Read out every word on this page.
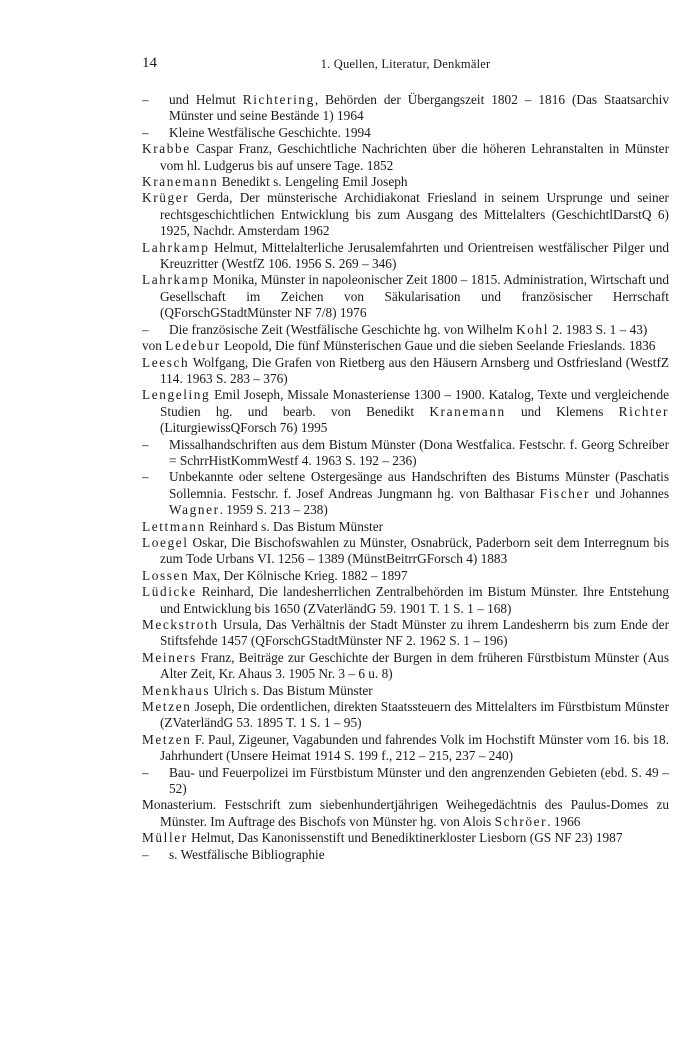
14	1. Quellen, Literatur, Denkmäler
–	und Helmut Richtering, Behörden der Übergangszeit 1802 – 1816 (Das Staatsarchiv Münster und seine Bestände 1) 1964
–	Kleine Westfälische Geschichte. 1994
Krabbe Caspar Franz, Geschichtliche Nachrichten über die höheren Lehranstalten in Münster vom hl. Ludgerus bis auf unsere Tage. 1852
Kranemann Benedikt s. Lengeling Emil Joseph
Krüger Gerda, Der münsterische Archidiakonat Friesland in seinem Ursprunge und seiner rechtsgeschichtlichen Entwicklung bis zum Ausgang des Mittelalters (GeschichtlDarstQ 6) 1925, Nachdr. Amsterdam 1962
Lahrkamp Helmut, Mittelalterliche Jerusalemfahrten und Orientreisen westfälischer Pilger und Kreuzritter (WestfZ 106. 1956 S. 269 – 346)
Lahrkamp Monika, Münster in napoleonischer Zeit 1800 – 1815. Administration, Wirtschaft und Gesellschaft im Zeichen von Säkularisation und französischer Herrschaft (QForschGStadtMünster NF 7/8) 1976
–	Die französische Zeit (Westfälische Geschichte hg. von Wilhelm Kohl 2. 1983 S. 1 – 43)
von Ledebur Leopold, Die fünf Münsterischen Gaue und die sieben Seelande Frieslands. 1836
Leesch Wolfgang, Die Grafen von Rietberg aus den Häusern Arnsberg und Ostfriesland (WestfZ 114. 1963 S. 283 – 376)
Lengeling Emil Joseph, Missale Monasteriense 1300 – 1900. Katalog, Texte und vergleichende Studien hg. und bearb. von Benedikt Kranemann und Klemens Richter (LiturgiewissQForsch 76) 1995
–	Missalhandschriften aus dem Bistum Münster (Dona Westfalica. Festschr. f. Georg Schreiber = SchrrHistKommWestf 4. 1963 S. 192 – 236)
–	Unbekannte oder seltene Ostergesänge aus Handschriften des Bistums Münster (Paschatis Sollemnia. Festschr. f. Josef Andreas Jungmann hg. von Balthasar Fischer und Johannes Wagner. 1959 S. 213 – 238)
Lettmann Reinhard s. Das Bistum Münster
Loegel Oskar, Die Bischofswahlen zu Münster, Osnabrück, Paderborn seit dem Interregnum bis zum Tode Urbans VI. 1256 – 1389 (MünstBeitrrGForsch 4) 1883
Lossen Max, Der Kölnische Krieg. 1882 – 1897
Lüdicke Reinhard, Die landesherrlichen Zentralbehörden im Bistum Münster. Ihre Entstehung und Entwicklung bis 1650 (ZVaterländG 59. 1901 T. 1 S. 1 – 168)
Meckstroth Ursula, Das Verhältnis der Stadt Münster zu ihrem Landesherrn bis zum Ende der Stiftsfehde 1457 (QForschGStadtMünster NF 2. 1962 S. 1 – 196)
Meiners Franz, Beiträge zur Geschichte der Burgen in dem früheren Fürstbistum Münster (Aus Alter Zeit, Kr. Ahaus 3. 1905 Nr. 3 – 6 u. 8)
Menkhaus Ulrich s. Das Bistum Münster
Metzen Joseph, Die ordentlichen, direkten Staatssteuern des Mittelalters im Fürstbistum Münster (ZVaterländG 53. 1895 T. 1 S. 1 – 95)
Metzen F. Paul, Zigeuner, Vagabunden und fahrendes Volk im Hochstift Münster vom 16. bis 18. Jahrhundert (Unsere Heimat 1914 S. 199 f., 212 – 215, 237 – 240)
–	Bau- und Feuerpolizei im Fürstbistum Münster und den angrenzenden Gebieten (ebd. S. 49 – 52)
Monasterium. Festschrift zum siebenhundertjährigen Weihegedächtnis des Paulus-Domes zu Münster. Im Auftrage des Bischofs von Münster hg. von Alois Schröer. 1966
Müller Helmut, Das Kanonissenstift und Benediktinerkloster Liesborn (GS NF 23) 1987
–	s. Westfälische Bibliographie
